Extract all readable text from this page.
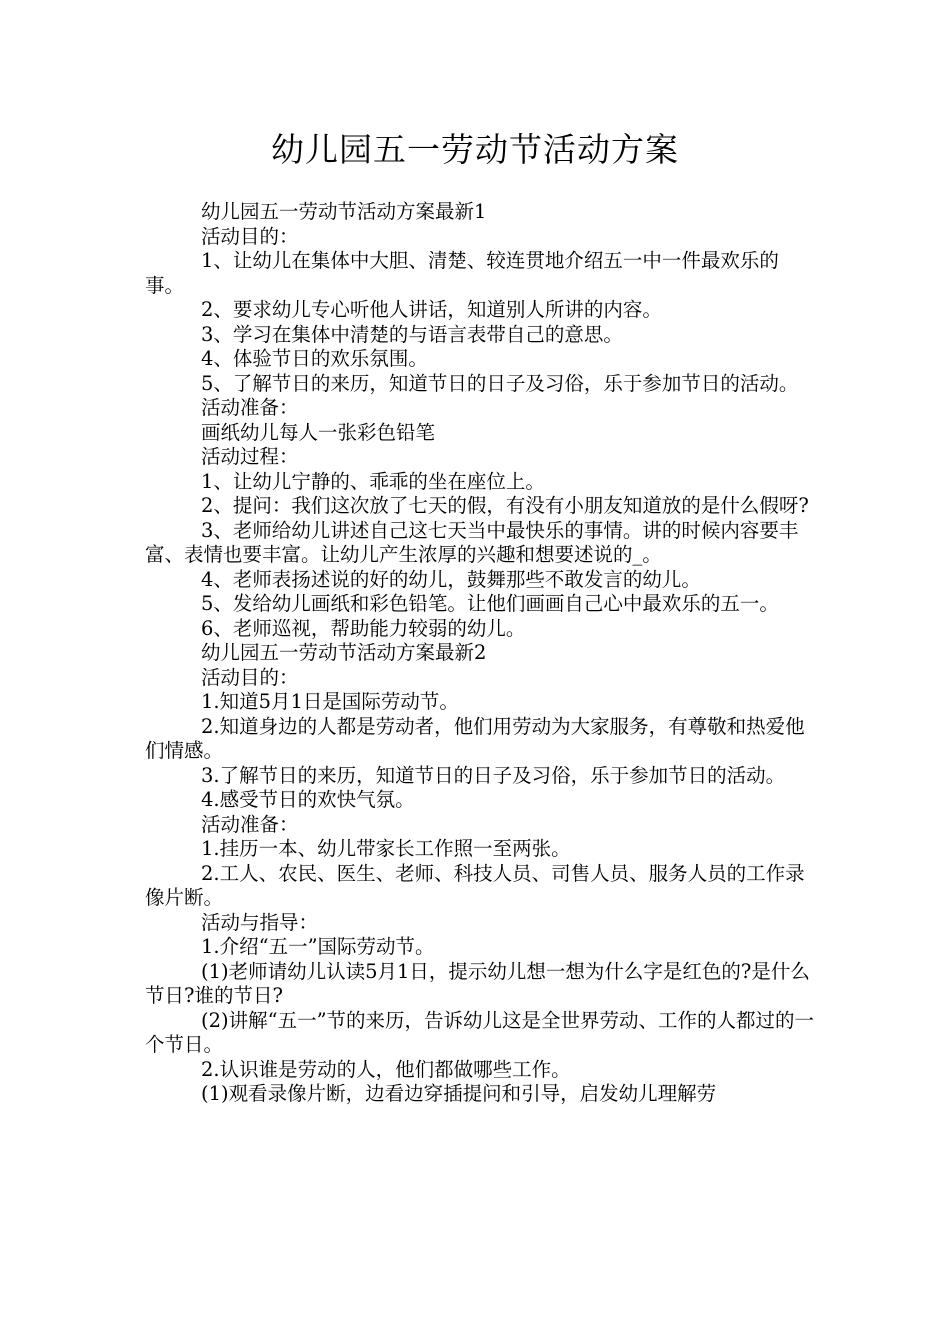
幼儿园五一劳动节活动方案

幼儿园五一劳动节活动方案最新1

活动目的：

1、让幼儿在集体中大胆、清楚、较连贯地介绍五一中一件最欢乐的事。

2、要求幼儿专心听他人讲话，知道别人所讲的内容。

3、学习在集体中清楚的与语言表带自己的意思。

4、体验节日的欢乐氛围。

5、了解节日的来历，知道节日的日子及习俗，乐于参加节日的活动。

活动准备：

画纸幼儿每人一张彩色铅笔

活动过程：

1、让幼儿宁静的、乖乖的坐在座位上。

2、提问：我们这次放了七天的假，有没有小朋友知道放的是什么假呀?

3、老师给幼儿讲述自己这七天当中最快乐的事情。讲的时候内容要丰富、表情也要丰富。让幼儿产生浓厚的兴趣和想要述说的_。

4、老师表扬述说的好的幼儿，鼓舞那些不敢发言的幼儿。

5、发给幼儿画纸和彩色铅笔。让他们画画自己心中最欢乐的五一。

6、老师巡视，帮助能力较弱的幼儿。

幼儿园五一劳动节活动方案最新2

活动目的：

1.知道5月1日是国际劳动节。

2.知道身边的人都是劳动者，他们用劳动为大家服务，有尊敬和热爱他们情感。

3.了解节日的来历，知道节日的日子及习俗，乐于参加节日的活动。

4.感受节日的欢快气氛。

活动准备：

1.挂历一本、幼儿带家长工作照一至两张。

2.工人、农民、医生、老师、科技人员、司售人员、服务人员的工作录像片断。

活动与指导：

1.介绍“五一”国际劳动节。

(1)老师请幼儿认读5月1日，提示幼儿想一想为什么字是红色的?是什么节日?谁的节日?

(2)讲解“五一”节的来历，告诉幼儿这是全世界劳动、工作的人都过的一个节日。

2.认识谁是劳动的人，他们都做哪些工作。

(1)观看录像片断，边看边穿插提问和引导，启发幼儿理解劳
